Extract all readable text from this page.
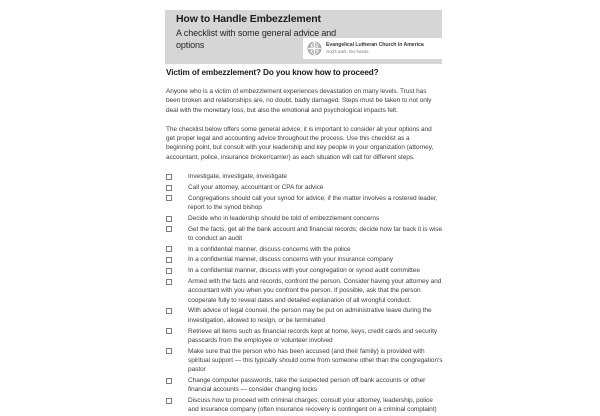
How to Handle Embezzlement
A checklist with some general advice and options	Evangelical Lutheran Church in America
God's work. Our hands.
Victim of embezzlement? Do you know how to proceed?

Anyone who is a victim of embezzlement experiences devastation on many levels. Trust has been broken and relationships are, no doubt, badly damaged. Steps must be taken to not only deal with the monetary loss, but also the emotional and psychological impacts felt.

The checklist below offers some general advice; it is important to consider all your options and get proper legal and accounting advice throughout the process. Use this checklist as a beginning point, but consult with your leadership and key people in your organization (attorney, accountant, police, insurance broker/carrier) as each situation will call for different steps.

Investigate, investigate, investigate
Call your attorney, accountant or CPA for advice
Congregations should call your synod for advice; if the matter involves a rostered leader, report to the synod bishop
Decide who in leadership should be told of embezzlement concerns
Get the facts, get all the bank account and financial records; decide how far back it is wise to conduct an audit
In a confidential manner, discuss concerns with the police
In a confidential manner, discuss concerns with your insurance company
In a confidential manner, discuss with your congregation or synod audit committee
Armed with the facts and records, confront the person. Consider having your attorney and accountant with you when you confront the person. If possible, ask that the person cooperate fully to reveal dates and detailed explanation of all wrongful conduct.
With advice of legal counsel, the person may be put on administrative leave during the investigation, allowed to resign, or be terminated
Retrieve all items such as financial records kept at home, keys, credit cards and security passcards from the employee or volunteer involved
Make sure that the person who has been accused (and their family) is provided with spiritual support — this typically should come from someone other than the congregation's pastor
Change computer passwords, take the suspected person off bank accounts or other financial accounts — consider changing locks
Discuss how to proceed with criminal charges; consult your attorney, leadership, police and insurance company (often insurance recovery is contingent on a criminal complaint)
